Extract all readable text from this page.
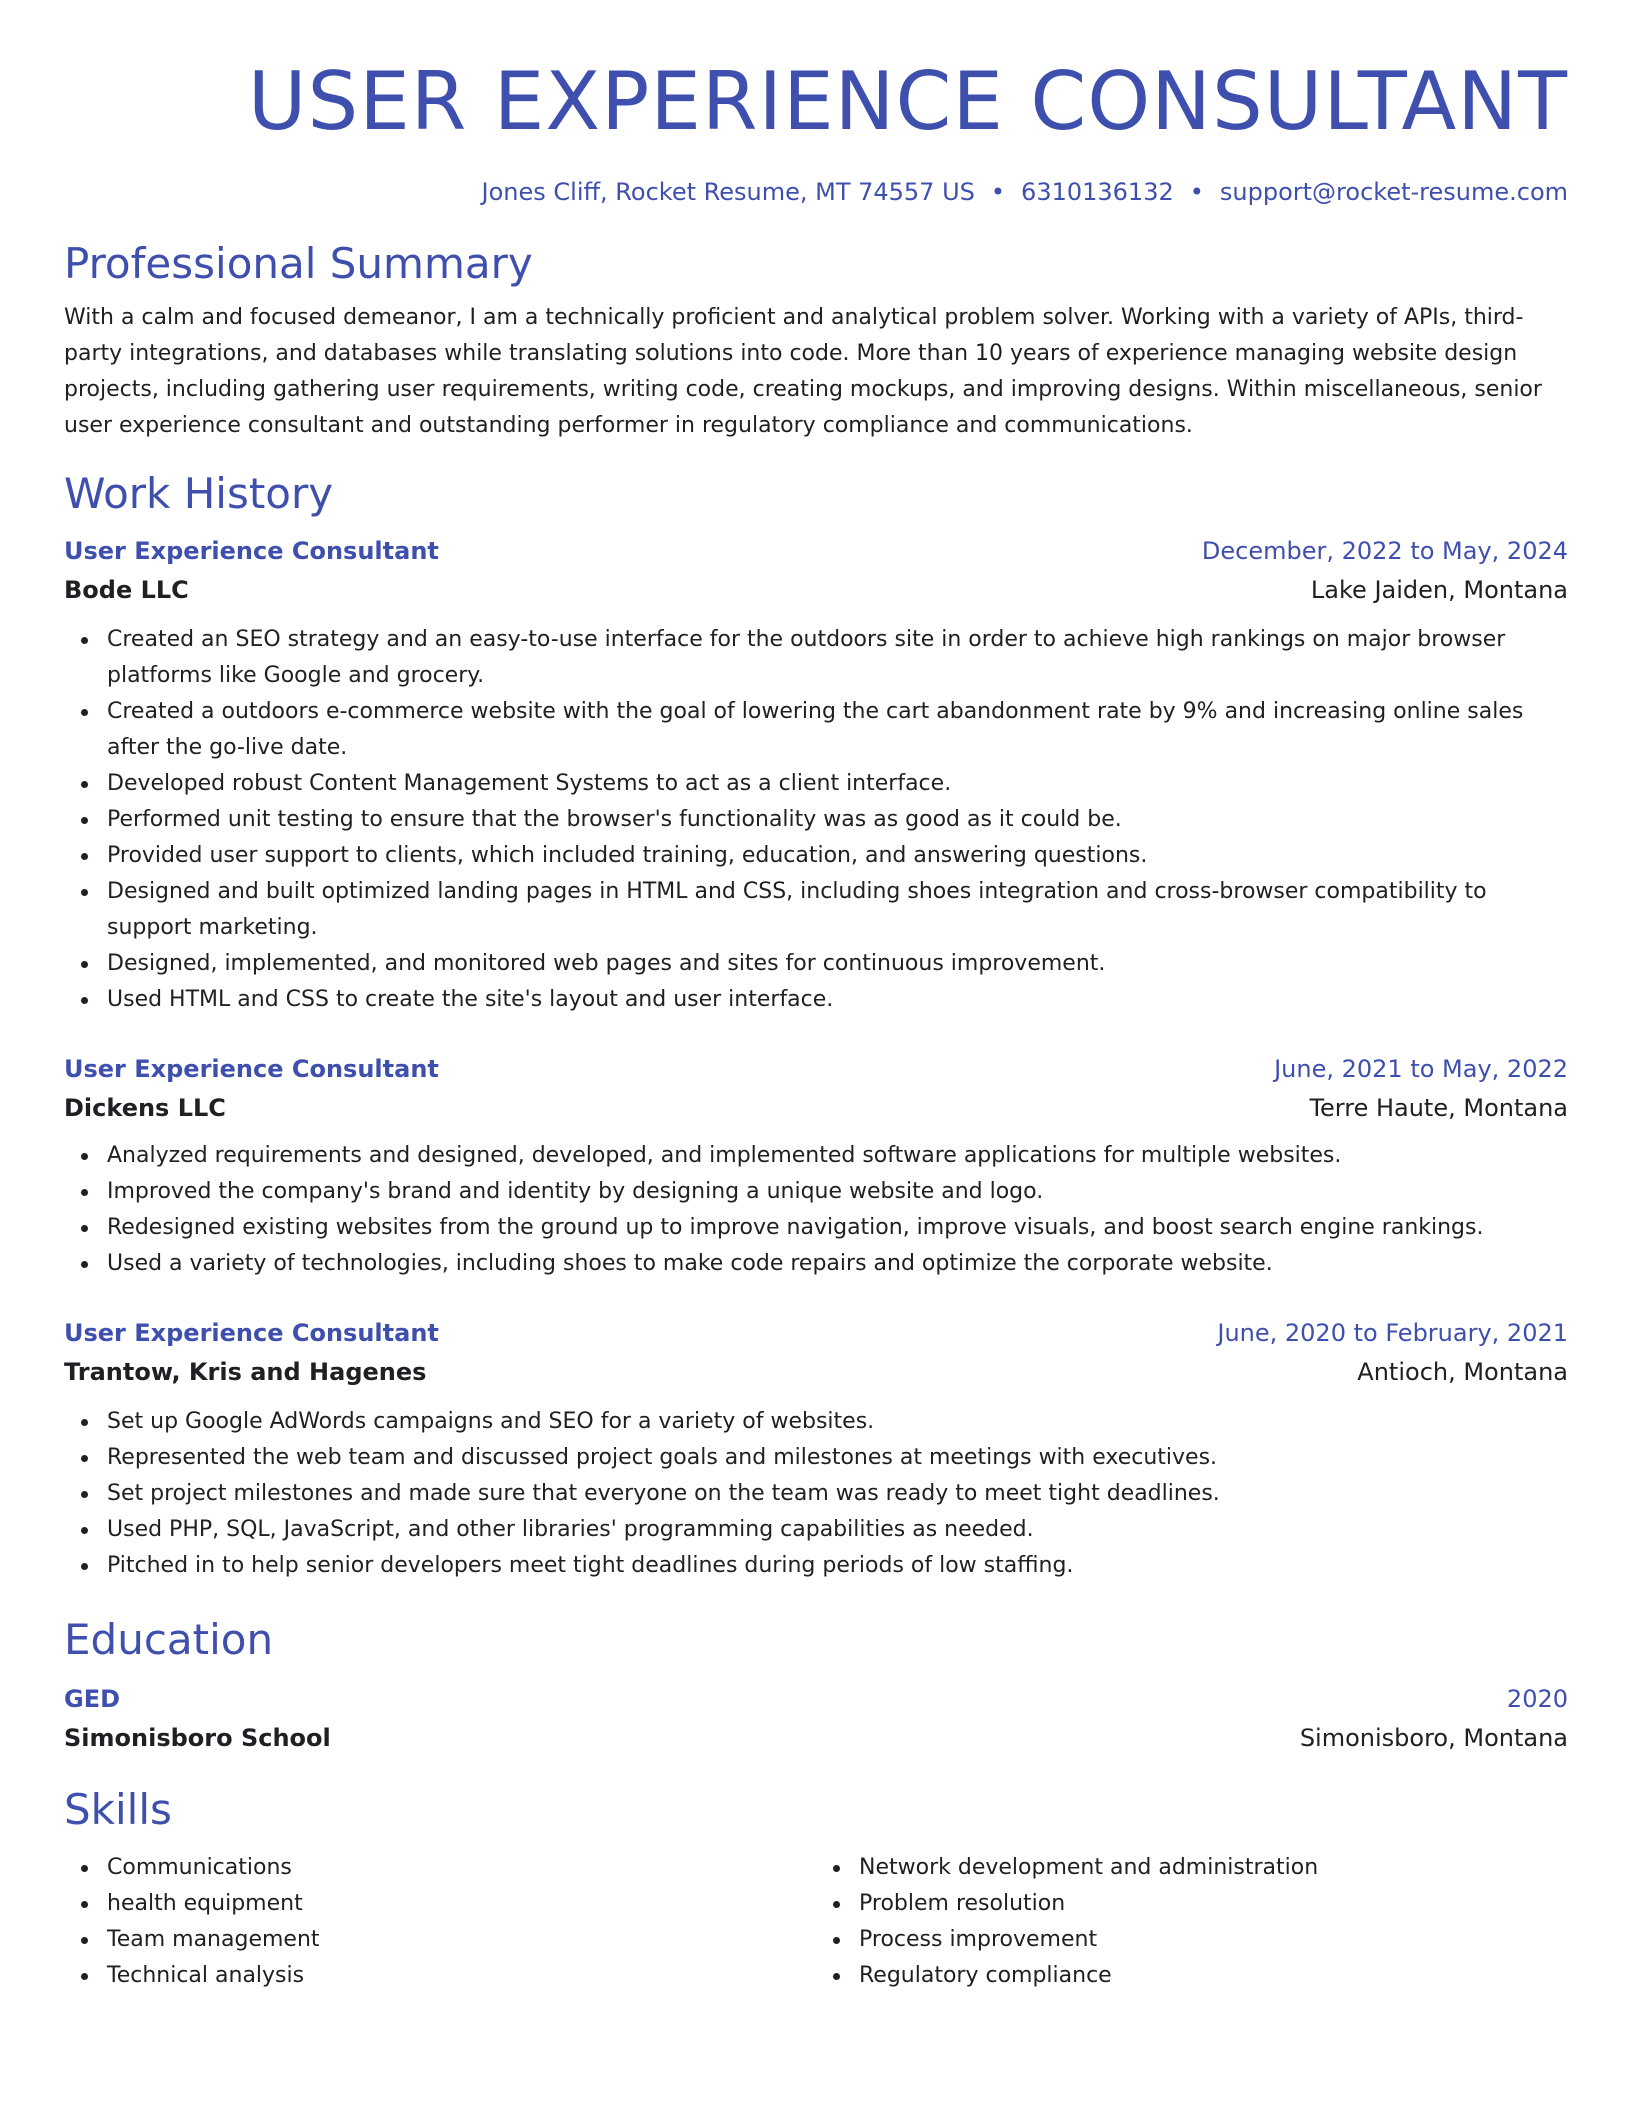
USER EXPERIENCE CONSULTANT
Jones Cliff, Rocket Resume, MT 74557 US • 6310136132 • support@rocket-resume.com
Professional Summary

With a calm and focused demeanor, I am a technically proficient and analytical problem solver. Working with a variety of APIs, third-party integrations, and databases while translating solutions into code. More than 10 years of experience managing website design projects, including gathering user requirements, writing code, creating mockups, and improving designs. Within miscellaneous, senior user experience consultant and outstanding performer in regulatory compliance and communications.

Work History
User Experience Consultant	December, 2022 to May, 2024
Bode LLC	Lake Jaiden, Montana
Created an SEO strategy and an easy-to-use interface for the outdoors site in order to achieve high rankings on major browser platforms like Google and grocery.
Created a outdoors e-commerce website with the goal of lowering the cart abandonment rate by 9% and increasing online sales after the go-live date.
Developed robust Content Management Systems to act as a client interface.
Performed unit testing to ensure that the browser's functionality was as good as it could be.
Provided user support to clients, which included training, education, and answering questions.
Designed and built optimized landing pages in HTML and CSS, including shoes integration and cross-browser compatibility to support marketing.
Designed, implemented, and monitored web pages and sites for continuous improvement.
Used HTML and CSS to create the site's layout and user interface.
User Experience Consultant	June, 2021 to May, 2022
Dickens LLC	Terre Haute, Montana
Analyzed requirements and designed, developed, and implemented software applications for multiple websites.
Improved the company's brand and identity by designing a unique website and logo.
Redesigned existing websites from the ground up to improve navigation, improve visuals, and boost search engine rankings.
Used a variety of technologies, including shoes to make code repairs and optimize the corporate website.
User Experience Consultant	June, 2020 to February, 2021
Trantow, Kris and Hagenes	Antioch, Montana
Set up Google AdWords campaigns and SEO for a variety of websites.
Represented the web team and discussed project goals and milestones at meetings with executives.
Set project milestones and made sure that everyone on the team was ready to meet tight deadlines.
Used PHP, SQL, JavaScript, and other libraries' programming capabilities as needed.
Pitched in to help senior developers meet tight deadlines during periods of low staffing.
Education
GED	2020
Simonisboro School	Simonisboro, Montana
Skills
Communications
health equipment
Team management
Technical analysis
Network development and administration
Problem resolution
Process improvement
Regulatory compliance
